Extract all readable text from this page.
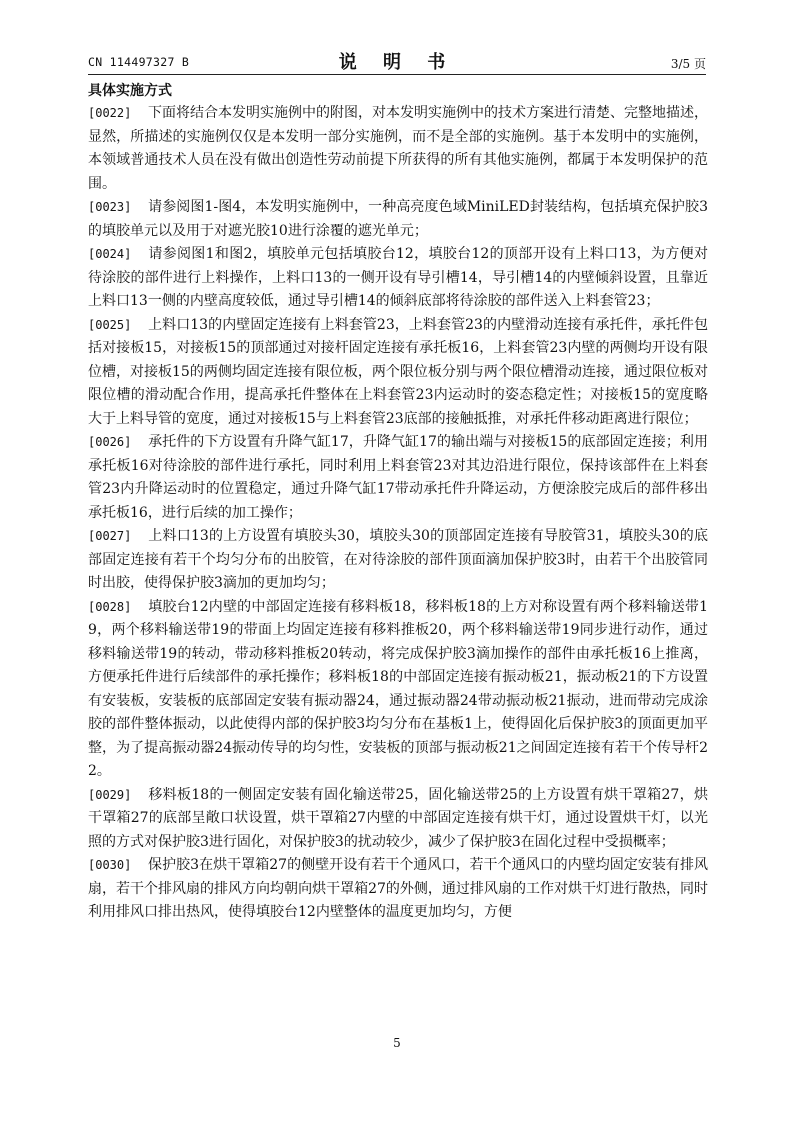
CN 114497327 B	说 明 书	3/5 页
具体实施方式

[0022] 下面将结合本发明实施例中的附图，对本发明实施例中的技术方案进行清楚、完整地描述，显然，所描述的实施例仅仅是本发明一部分实施例，而不是全部的实施例。基于本发明中的实施例，本领域普通技术人员在没有做出创造性劳动前提下所获得的所有其他实施例，都属于本发明保护的范围。

[0023] 请参阅图1-图4，本发明实施例中，一种高亮度色域MiniLED封装结构，包括填充保护胶3的填胶单元以及用于对遮光胶10进行涂覆的遮光单元；

[0024] 请参阅图1和图2，填胶单元包括填胶台12，填胶台12的顶部开设有上料口13，为方便对待涂胶的部件进行上料操作，上料口13的一侧开设有导引槽14，导引槽14的内壁倾斜设置，且靠近上料口13一侧的内壁高度较低，通过导引槽14的倾斜底部将待涂胶的部件送入上料套管23；

[0025] 上料口13的内壁固定连接有上料套管23，上料套管23的内壁滑动连接有承托件，承托件包括对接板15，对接板15的顶部通过对接杆固定连接有承托板16，上料套管23内壁的两侧均开设有限位槽，对接板15的两侧均固定连接有限位板，两个限位板分别与两个限位槽滑动连接，通过限位板对限位槽的滑动配合作用，提高承托件整体在上料套管23内运动时的姿态稳定性；对接板15的宽度略大于上料导管的宽度，通过对接板15与上料套管23底部的接触抵推，对承托件移动距离进行限位；

[0026] 承托件的下方设置有升降气缸17，升降气缸17的输出端与对接板15的底部固定连接；利用承托板16对待涂胶的部件进行承托，同时利用上料套管23对其边沿进行限位，保持该部件在上料套管23内升降运动时的位置稳定，通过升降气缸17带动承托件升降运动，方便涂胶完成后的部件移出承托板16，进行后续的加工操作；

[0027] 上料口13的上方设置有填胶头30，填胶头30的顶部固定连接有导胶管31，填胶头30的底部固定连接有若干个均匀分布的出胶管，在对待涂胶的部件顶面滴加保护胶3时，由若干个出胶管同时出胶，使得保护胶3滴加的更加均匀；

[0028] 填胶台12内壁的中部固定连接有移料板18，移料板18的上方对称设置有两个移料输送带19，两个移料输送带19的带面上均固定连接有移料推板20，两个移料输送带19同步进行动作，通过移料输送带19的转动，带动移料推板20转动，将完成保护胶3滴加操作的部件由承托板16上推离，方便承托件进行后续部件的承托操作；移料板18的中部固定连接有振动板21，振动板21的下方设置有安装板，安装板的底部固定安装有振动器24，通过振动器24带动振动板21振动，进而带动完成涂胶的部件整体振动，以此使得内部的保护胶3均匀分布在基板1上，使得固化后保护胶3的顶面更加平整，为了提高振动器24振动传导的均匀性，安装板的顶部与振动板21之间固定连接有若干个传导杆22。

[0029] 移料板18的一侧固定安装有固化输送带25，固化输送带25的上方设置有烘干罩箱27，烘干罩箱27的底部呈敞口状设置，烘干罩箱27内壁的中部固定连接有烘干灯，通过设置烘干灯，以光照的方式对保护胶3进行固化，对保护胶3的扰动较少，减少了保护胶3在固化过程中受损概率；

[0030] 保护胶3在烘干罩箱27的侧壁开设有若干个通风口，若干个通风口的内壁均固定安装有排风扇，若干个排风扇的排风方向均朝向烘干罩箱27的外侧，通过排风扇的工作对烘干灯进行散热，同时利用排风口排出热风，使得填胶台12内壁整体的温度更加均匀，方便

5
